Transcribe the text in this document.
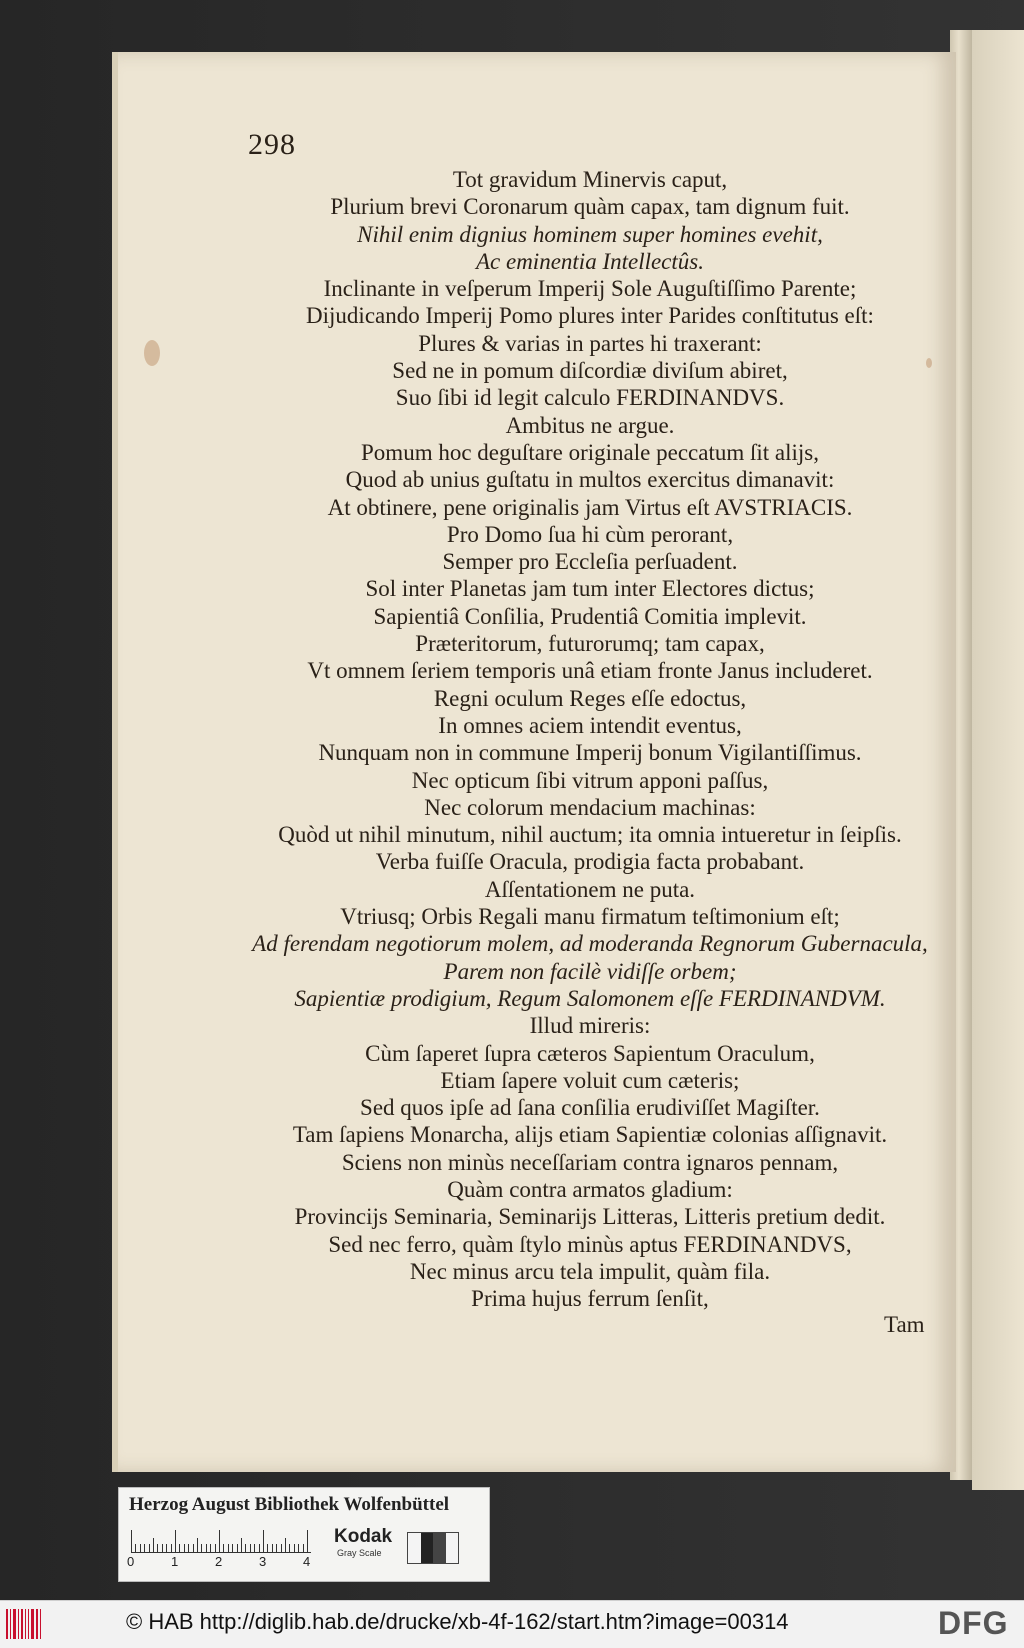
298
Tot gravidum Minervis caput,
Plurium brevi Coronarum quàm capax, tam dignum fuit.
Nihil enim dignius hominem super homines evehit,
Ac eminentia Intellectûs.
Inclinante in veſperum Imperij Sole Auguſtiſſimo Parente;
Dijudicando Imperij Pomo plures inter Parides conſtitutus eſt:
Plures & varias in partes hi traxerant:
Sed ne in pomum diſcordiæ diviſum abiret,
Suo ſibi id legit calculo FERDINANDVS.
Ambitus ne argue.
Pomum hoc deguſtare originale peccatum ſit alijs,
Quod ab unius guſtatu in multos exercitus dimanavit:
At obtinere, pene originalis jam Virtus eſt AVSTRIACIS.
Pro Domo ſua hi cùm perorant,
Semper pro Eccleſia perſuadent.
Sol inter Planetas jam tum inter Electores dictus;
Sapientiâ Conſilia, Prudentiâ Comitia implevit.
Præteritorum, futurorumq; tam capax,
Vt omnem ſeriem temporis unâ etiam fronte Janus includeret.
Regni oculum Reges eſſe edoctus,
In omnes aciem intendit eventus,
Nunquam non in commune Imperij bonum Vigilantiſſimus.
Nec opticum ſibi vitrum apponi paſſus,
Nec colorum mendacium machinas:
Quòd ut nihil minutum, nihil auctum; ita omnia intueretur in ſeipſis.
Verba fuiſſe Oracula, prodigia facta probabant.
Aſſentationem ne puta.
Vtriusq; Orbis Regali manu firmatum teſtimonium eſt;
Ad ferendam negotiorum molem, ad moderanda Regnorum Gubernacula,
Parem non facilè vidiſſe orbem;
Sapientiæ prodigium, Regum Salomonem eſſe FERDINANDVM.
Illud mireris:
Cùm ſaperet ſupra cæteros Sapientum Oraculum,
Etiam ſapere voluit cum cæteris;
Sed quos ipſe ad ſana conſilia erudiviſſet Magiſter.
Tam ſapiens Monarcha, alijs etiam Sapientiæ colonias aſſignavit.
Sciens non minùs neceſſariam contra ignaros pennam,
Quàm contra armatos gladium:
Provincijs Seminaria, Seminarijs Litteras, Litteris pretium dedit.
Sed nec ferro, quàm ſtylo minùs aptus FERDINANDVS,
Nec minus arcu tela impulit, quàm fila.
Prima hujus ferrum ſenſit,
Tam
Herzog August Bibliothek Wolfenbüttel
0	1	2	3	4
Kodak
Gray Scale
© HAB http://diglib.hab.de/drucke/xb-4f-162/start.htm?image=00314	DFG
